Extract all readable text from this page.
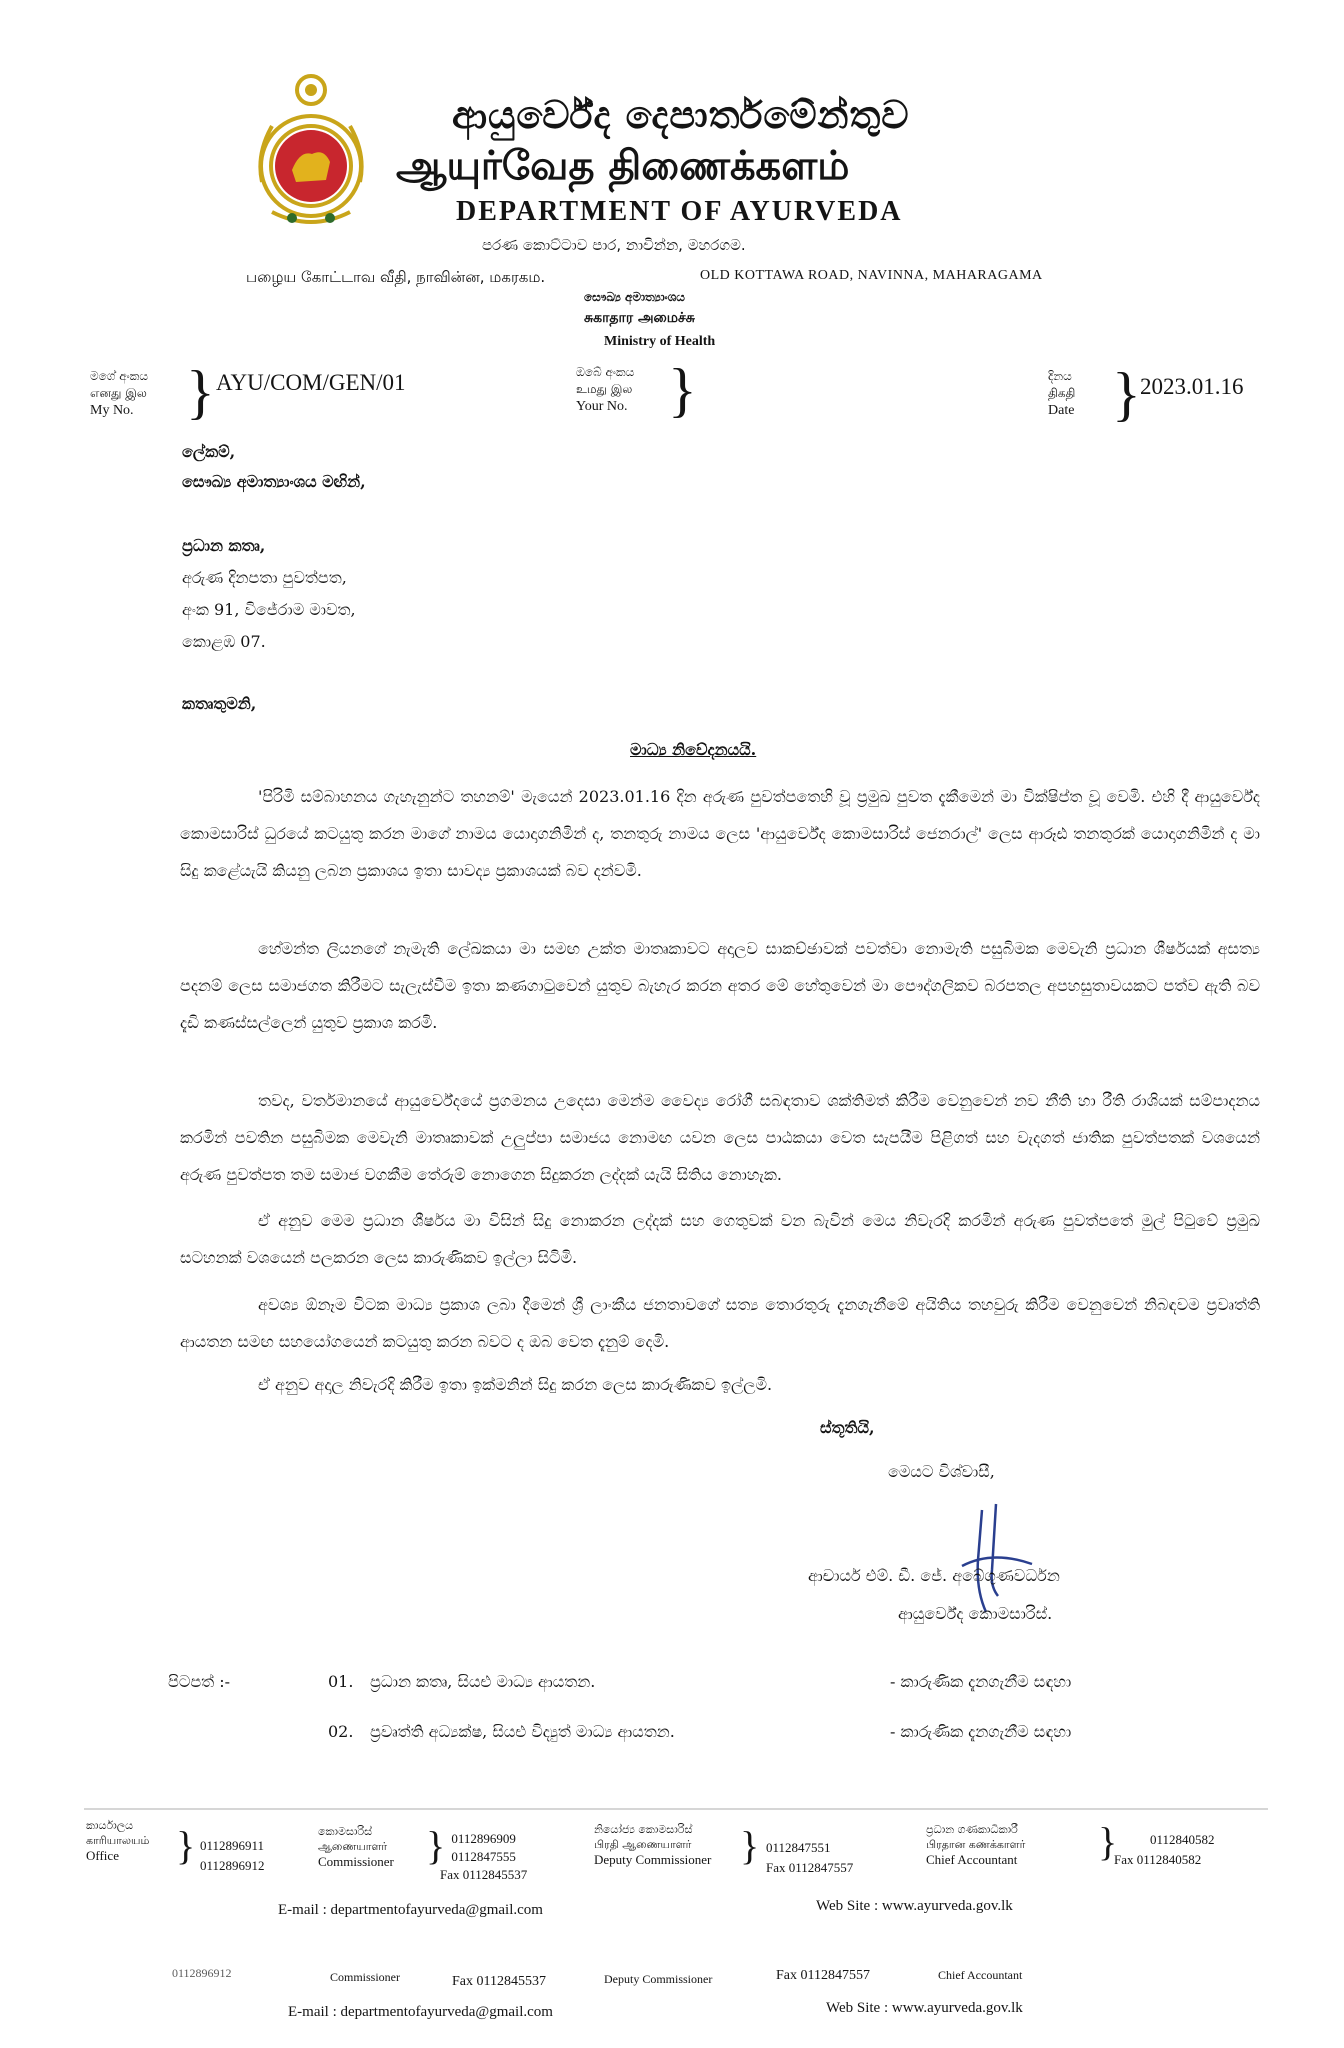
ආයුර්වේද දෙපාර්තමේන්තුව
ஆயுர்வேத திணைக்களம்
DEPARTMENT OF AYURVEDA
පරණ කොට්ටාව පාර, නාවින්න, මහරගම.
பழைய கோட்டாவ வீதி, நாவின்ன, மகரகம.	OLD KOTTAWA ROAD, NAVINNA, MAHARAGAMA
සෞඛ්‍ය අමාත්‍යාංශය
சுகாதார அமைச்சு
Ministry of Health
මගේ අංකය
எனது இல
My No. } AYU/COM/GEN/01	ඔබේ අංකය
உமது இல
Your No. }	දිනය
திகதி
Date } 2023.01.16
ලේකම්,
සෞඛ්‍ය අමාත්‍යාංශය මඟින්,
ප්‍රධාන කතෘ,
අරුණ දිනපතා පුවත්පත,
අංක 91, විජේරාම මාවත,
කොළඹ 07.
කතෘතුමනි,
මාධ්‍ය නිවේදනයයි.
'පිරිමි සම්බාහනය ගැහැනුන්ට තහනම්' මැයෙන් 2023.01.16 දින අරුණ පුවත්පතෙහි වූ ප්‍රමුඛ පුවත දැකීමෙන් මා වික්ෂිප්ත වූ වෙමි. එහි දී ආයුර්වේද කොමසාරිස් ධුරයේ කටයුතු කරන මාගේ නාමය යොදාගනිමින් ද, තනතුරු නාමය ලෙස 'ආයුර්වේද කොමසාරිස් ජෙනරාල්' ලෙස ආරූඪ තනතුරක් යොදාගනිමින් ද මා සිදු කළේයැයි කියනු ලබන ප්‍රකාශය ඉතා සාවද්‍ය ප්‍රකාශයක් බව දන්වමි.
හේමන්ත ලියනගේ නැමැති ලේඛකයා මා සමඟ උක්ත මාතෘකාවට අදාලව සාකච්ඡාවක් පවත්වා නොමැති පසුබිමක මෙවැනි ප්‍රධාන ශීර්ෂයක් අසත්‍ය පදනම් ලෙස සමාජගත කිරීමට සැලැස්වීම ඉතා කණගාටුවෙන් යුතුව බැහැර කරන අතර මේ හේතුවෙන් මා පෞද්ගලිකව බරපතල අපහසුතාවයකට පත්ව ඇති බව දැඩි කණස්සල්ලෙන් යුතුව ප්‍රකාශ කරමි.
තවද, වර්තමානයේ ආයුර්වේදයේ ප්‍රගමනය උදෙසා මෙන්ම වෛද්‍ය රෝගී සබඳතාව ශක්තිමත් කිරීම වෙනුවෙන් නව නීති හා රීති රාශියක් සම්පාදනය කරමින් පවතින පසුබිමක මෙවැනි මාතෘකාවක් උලුප්පා සමාජය නොමඟ යවන ලෙස පාඨකයා වෙත සැපයීම පිළිගත් සහ වැදගත් ජාතික පුවත්පතක් වශයෙන් අරුණ පුවත්පත තම සමාජ වගකීම තේරුම් නොගෙන සිදුකරන ලද්දක් යැයි සිතිය නොහැක.
ඒ අනුව මෙම ප්‍රධාන ශීර්ෂය මා විසින් සිදු නොකරන ලද්දක් සහ ගෙතුවක් වන බැවින් මෙය නිවැරදි කරමින් අරුණ පුවත්පතේ මුල් පිටුවේ ප්‍රමුඛ සටහනක් වශයෙන් පලකරන ලෙස කාරුණිකව ඉල්ලා සිටිමි.
අවශ්‍ය ඕනෑම විටක මාධ්‍ය ප්‍රකාශ ලබා දීමෙන් ශ්‍රී ලාංකීය ජනතාවගේ සත්‍ය තොරතුරු දැනගැනීමේ අයිතිය තහවුරු කිරීම වෙනුවෙන් නිබඳවම ප්‍රවෘත්ති ආයතන සමඟ සහයෝගයෙන් කටයුතු කරන බවට ද ඔබ වෙත දැනුම් දෙමි.
ඒ අනුව අදාල නිවැරදි කිරීම ඉතා ඉක්මනින් සිදු කරන ලෙස කාරුණිකව ඉල්ලමි.
ස්තූතියි,
මෙයට විශ්වාසී,
ආචාර්ය එම්. ඩී. ජේ. අබේගුණවර්ධන
ආයුර්වේද කොමසාරිස්.
පිටපත් :-	01. ප්‍රධාන කතෘ, සියළු මාධ්‍ය ආයතන.	- කාරුණික දැනගැනීම සඳහා
02. ප්‍රවෘත්ති අධ්‍යක්ෂ, සියළු විද්‍යුත් මාධ්‍ය ආයතන.	- කාරුණික දැනගැනීම සඳහා
කාර්යාලය
காரியாலயம்
Office	} 0112896911
0112896912
කොමසාරිස්
ஆணையாளர்
Commissioner } 0112896909
0112847555
Fax 0112845537
නියෝජ්‍ය කොමසාරිස්
பிரதி ஆணையாளர்
Deputy Commissioner } 0112847551
Fax 0112847557
ප්‍රධාන ගණකාධිකාරී
பிரதான கணக்காளர்
Chief Accountant }	0112840582
Fax 0112840582
E-mail : departmentofayurveda@gmail.com	Web Site : www.ayurveda.gov.lk
0112896912	Commissioner	Fax 0112845537	Deputy Commissioner	Fax 0112847557	Chief Accountant
E-mail : departmentofayurveda@gmail.com	Web Site : www.ayurveda.gov.lk
